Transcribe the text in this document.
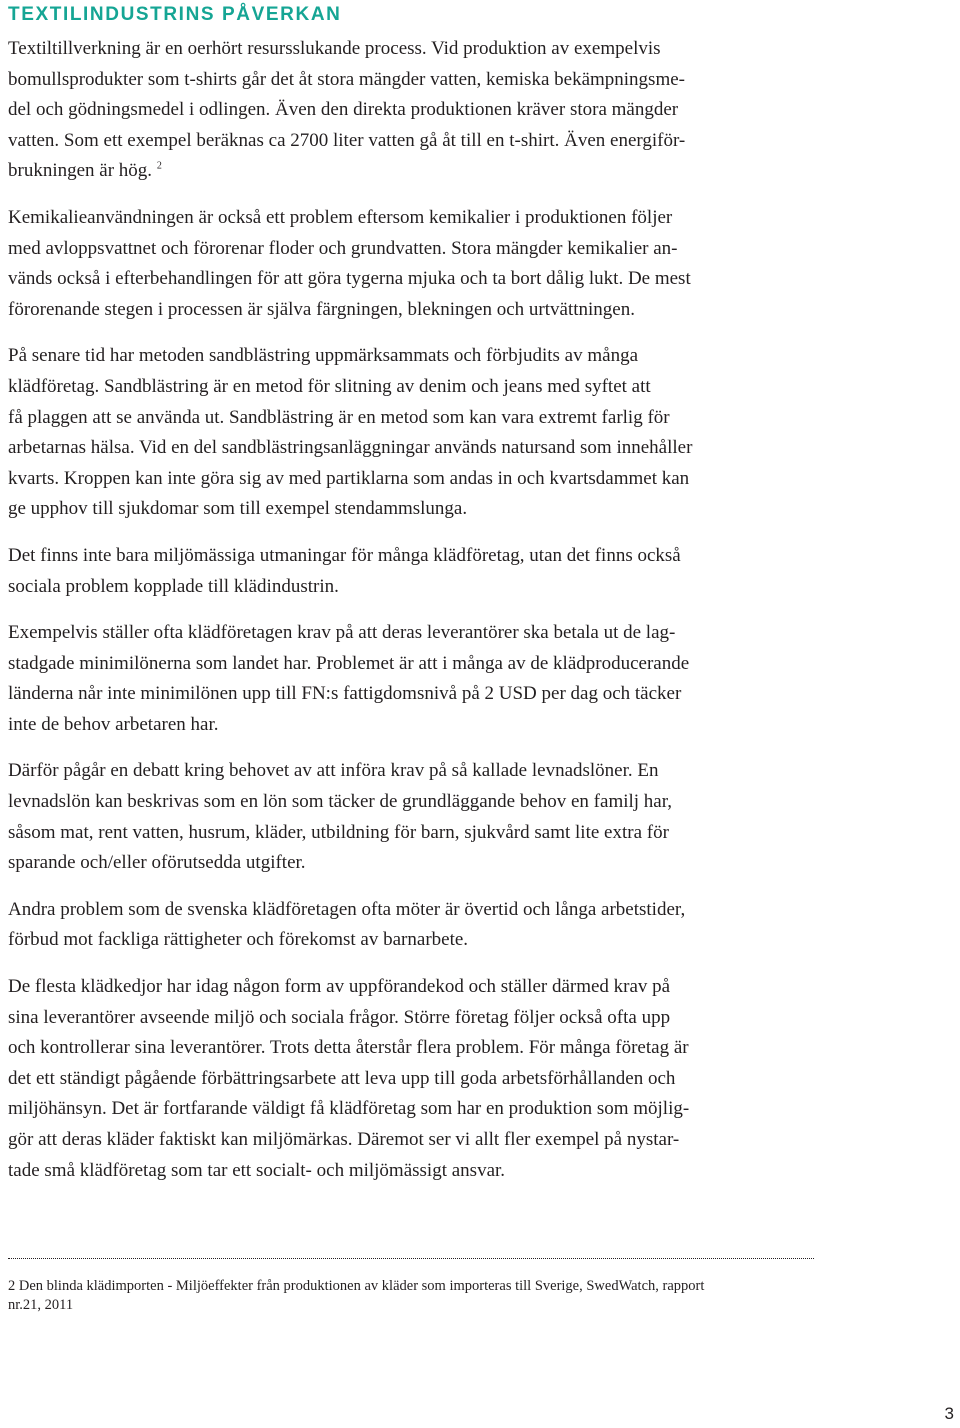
TEXTILINDUSTRINS PÅVERKAN

Textiltillverkning är en oerhört resursslukande process. Vid produktion av exempelvis
bomullsprodukter som t-shirts går det åt stora mängder vatten, kemiska bekämpningsme-
del och gödningsmedel i odlingen. Även den direkta produktionen kräver stora mängder
vatten. Som ett exempel beräknas ca 2700 liter vatten gå åt till en t-shirt. Även energiför-
brukningen är hög. $^2$

Kemikalieanvändningen är också ett problem eftersom kemikalier i produktionen följer
med avloppsvattnet och förorenar floder och grundvatten. Stora mängder kemikalier an-
vänds också i efterbehandlingen för att göra tygerna mjuka och ta bort dålig lukt. De mest
förorenande stegen i processen är själva färgningen, blekningen och urtvättningen.

På senare tid har metoden sandblästring uppmärksammats och förbjudits av många
klädföretag. Sandblästring är en metod för slitning av denim och jeans med syftet att
få plaggen att se använda ut. Sandblästring är en metod som kan vara extremt farlig för
arbetarnas hälsa. Vid en del sandblästringsanläggningar används natursand som innehåller
kvarts. Kroppen kan inte göra sig av med partiklarna som andas in och kvartsdammet kan
ge upphov till sjukdomar som till exempel stendammslunga.

Det finns inte bara miljömässiga utmaningar för många klädföretag, utan det finns också
sociala problem kopplade till klädindustrin.

Exempelvis ställer ofta klädföretagen krav på att deras leverantörer ska betala ut de lag-
stadgade minimilönerna som landet har. Problemet är att i många av de klädproducerande
länderna når inte minimilönen upp till FN:s fattigdomsnivå på 2 USD per dag och täcker
inte de behov arbetaren har.

Därför pågår en debatt kring behovet av att införa krav på så kallade levnadslöner. En
levnadslön kan beskrivas som en lön som täcker de grundläggande behov en familj har,
såsom mat, rent vatten, husrum, kläder, utbildning för barn, sjukvård samt lite extra för
sparande och/eller oförutsedda utgifter.

Andra problem som de svenska klädföretagen ofta möter är övertid och långa arbetstider,
förbud mot fackliga rättigheter och förekomst av barnarbete.

De flesta klädkedjor har idag någon form av uppförandekod och ställer därmed krav på
sina leverantörer avseende miljö och sociala frågor. Större företag följer också ofta upp
och kontrollerar sina leverantörer. Trots detta återstår flera problem. För många företag är
det ett ständigt pågående förbättringsarbete att leva upp till goda arbetsförhållanden och
miljöhänsyn. Det är fortfarande väldigt få klädföretag som har en produktion som möjlig-
gör att deras kläder faktiskt kan miljömärkas. Däremot ser vi allt fler exempel på nystar-
tade små klädföretag som tar ett socialt- och miljömässigt ansvar.

2 Den blinda klädimporten - Miljöeffekter från produktionen av kläder som importeras till Sverige, SwedWatch, rapport
nr.21, 2011
3
